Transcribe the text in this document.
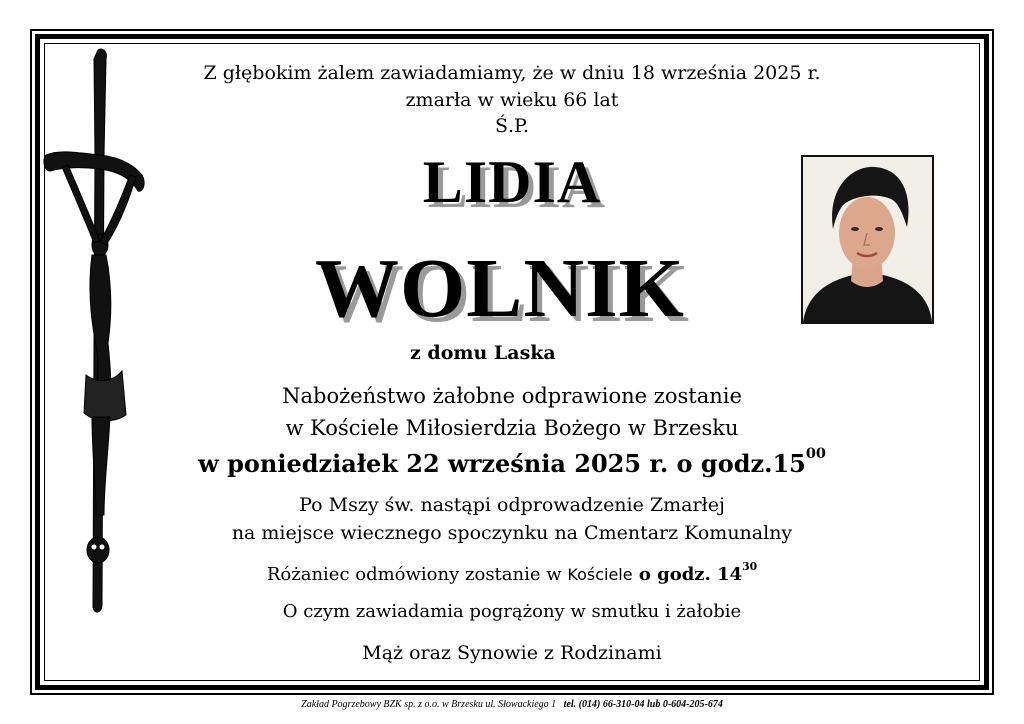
Z głębokim żalem zawiadamiamy, że w dniu 18 września 2025 r.
zmarła w wieku 66 lat
Ś.P.
LIDIA
WOLNIK
z domu Laska
Nabożeństwo żałobne odprawione zostanie
w Kościele Miłosierdzia Bożego w Brzesku
w poniedziałek 22 września 2025 r. o $godz.15^{00}$
Po Mszy św. nastąpi odprowadzenie Zmarłej
na miejsce wiecznego spoczynku na Cmentarz Komunalny
Różaniec odmówiony zostanie w Kościele o godz. $14^{30}$
O czym zawiadamia pogrążony w smutku i żałobie
Mąż oraz Synowie z Rodzinami
Zakład Pogrzebowy BZK sp. z o.o. w Brzesku ul. Słowackiego 1 tel. (014) 66-310-04 lub 0-604-205-674
